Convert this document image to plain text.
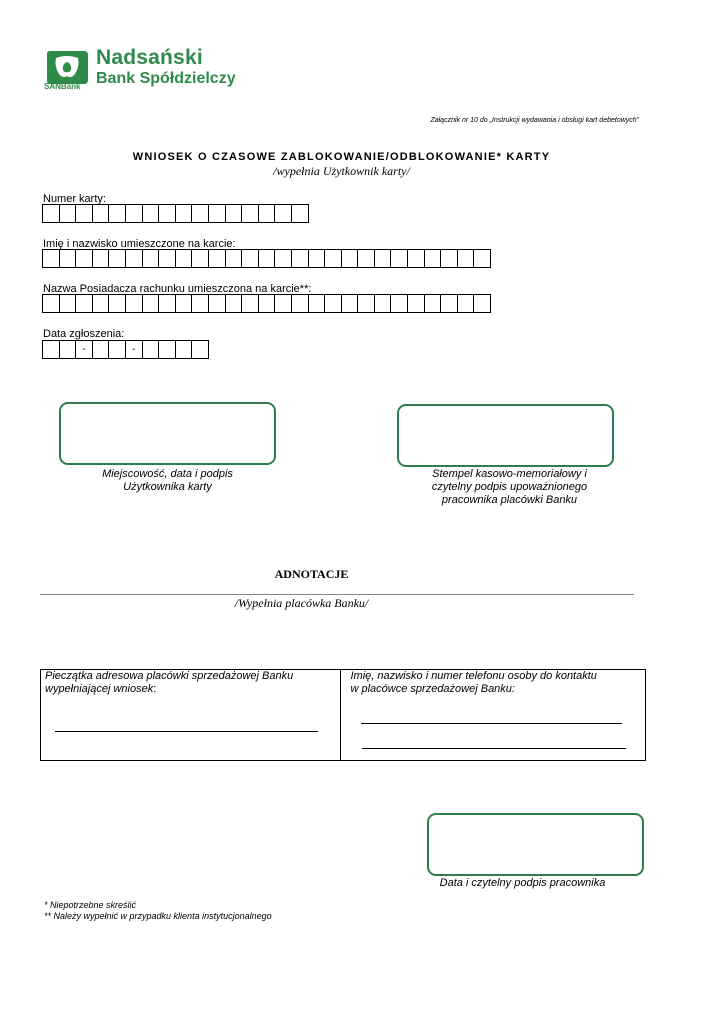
Nadsański
Bank Spółdzielczy
SANBank
Załącznik nr 10 do „Instrukcji wydawania i obsługi kart debetowych”
WNIOSEK O CZASOWE ZABLOKOWANIE/ODBLOKOWANIE* KARTY
/wypełnia Użytkownik karty/
Numer karty:
Imię i nazwisko umieszczone na karcie:
Nazwa Posiadacza rachunku umieszczona na karcie**:
Data zgłoszenia:
-	-
Miejscowość, data i podpis
Użytkownika karty
Stempel kasowo-memoriałowy i
czytelny podpis upoważnionego
pracownika placówki Banku
ADNOTACJE
/Wypełnia placówka Banku/
Pieczątka adresowa placówki sprzedażowej Banku
wypełniającej wniosek:
Imię, nazwisko i numer telefonu osoby do kontaktu
w placówce sprzedażowej Banku:
Data i czytelny podpis pracownika
* Niepotrzebne skreślić
** Należy wypełnić w przypadku klienta instytucjonalnego
